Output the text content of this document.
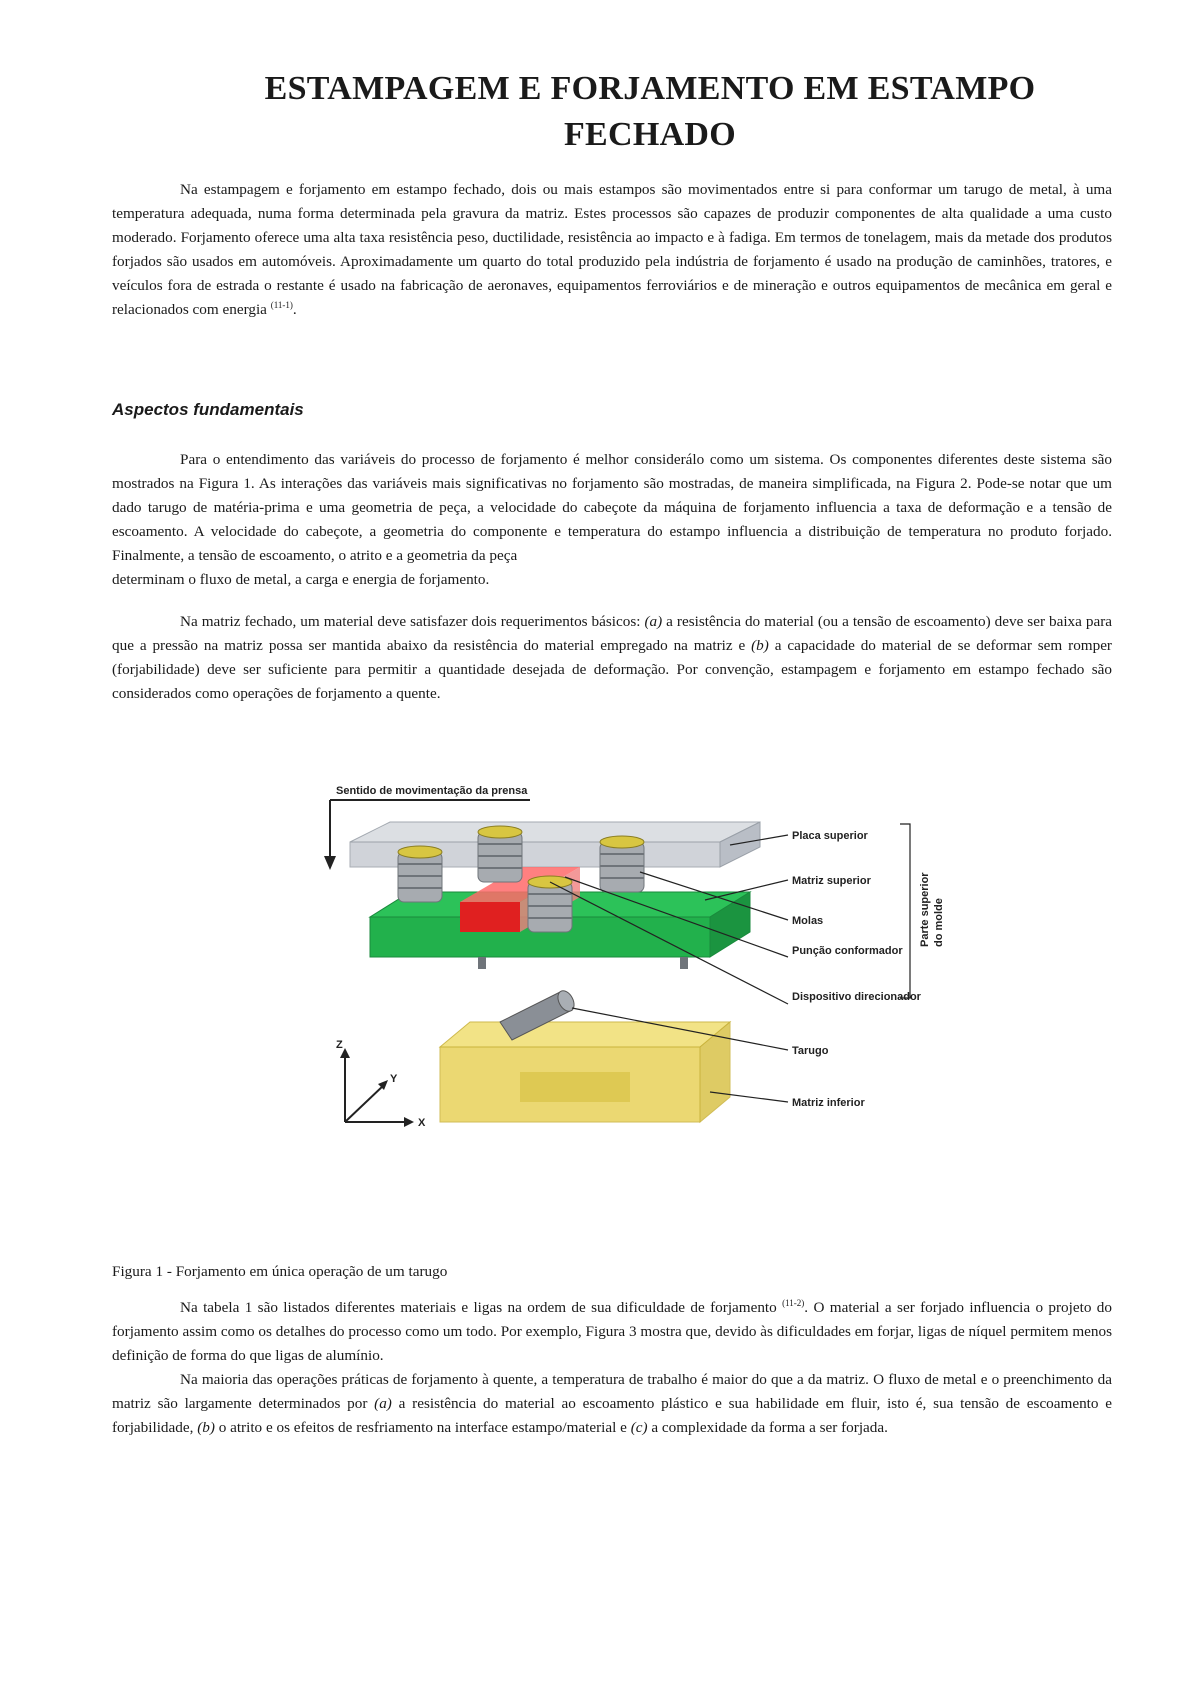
ESTAMPAGEM E FORJAMENTO EM ESTAMPO
FECHADO

Na estampagem e forjamento em estampo fechado, dois ou mais estampos são movimentados entre si para conformar um tarugo de metal, à uma temperatura adequada, numa forma determinada pela gravura da matriz. Estes processos são capazes de produzir componentes de alta qualidade a uma custo moderado. Forjamento oferece uma alta taxa resistência peso, ductilidade, resistência ao impacto e à fadiga. Em termos de tonelagem, mais da metade dos produtos forjados são usados em automóveis. Aproximadamente um quarto do total produzido pela indústria de forjamento é usado na produção de caminhões, tratores, e veículos fora de estrada o restante é usado na fabricação de aeronaves, equipamentos ferroviários e de mineração e outros equipamentos de mecânica em geral e relacionados com energia $^{(11-1)}$.

Aspectos fundamentais

Para o entendimento das variáveis do processo de forjamento é melhor considerálo como um sistema. Os componentes diferentes deste sistema são mostrados na Figura 1. As interações das variáveis mais significativas no forjamento são mostradas, de maneira simplificada, na Figura 2. Pode-se notar que um dado tarugo de matéria-prima e uma geometria de peça, a velocidade do cabeçote da máquina de forjamento influencia a taxa de deformação e a tensão de escoamento. A velocidade do cabeçote, a geometria do componente e temperatura do estampo influencia a distribuição de temperatura no produto forjado. Finalmente, a tensão de escoamento, o atrito e a geometria da peça
determinam o fluxo de metal, a carga e energia de forjamento.

Na matriz fechado, um material deve satisfazer dois requerimentos básicos: (a) a resistência do material (ou a tensão de escoamento) deve ser baixa para que a pressão na matriz possa ser mantida abaixo da resistência do material empregado na matriz e (b) a capacidade do material de se deformar sem romper (forjabilidade) deve ser suficiente para permitir a quantidade desejada de deformação. Por convenção, estampagem e forjamento em estampo fechado são considerados como operações de forjamento a quente.

Sentido de movimentação da prensa
Z
Y
X
Placa superior
Matriz superior
Molas
Punção conformador
Dispositivo direcionador
Tarugo
Matriz inferior
Parte superior do molde
Figura 1 - Forjamento em única operação de um tarugo

Na tabela 1 são listados diferentes materiais e ligas na ordem de sua dificuldade de forjamento $^{(11-2)}$. O material a ser forjado influencia o projeto do forjamento assim como os detalhes do processo como um todo. Por exemplo, Figura 3 mostra que, devido às dificuldades em forjar, ligas de níquel permitem menos definição de forma do que ligas de alumínio.

Na maioria das operações práticas de forjamento à quente, a temperatura de trabalho é maior do que a da matriz. O fluxo de metal e o preenchimento da matriz são largamente determinados por (a) a resistência do material ao escoamento plástico e sua habilidade em fluir, isto é, sua tensão de escoamento e forjabilidade, (b) o atrito e os efeitos de resfriamento na interface estampo/material e (c) a complexidade da forma a ser forjada.
